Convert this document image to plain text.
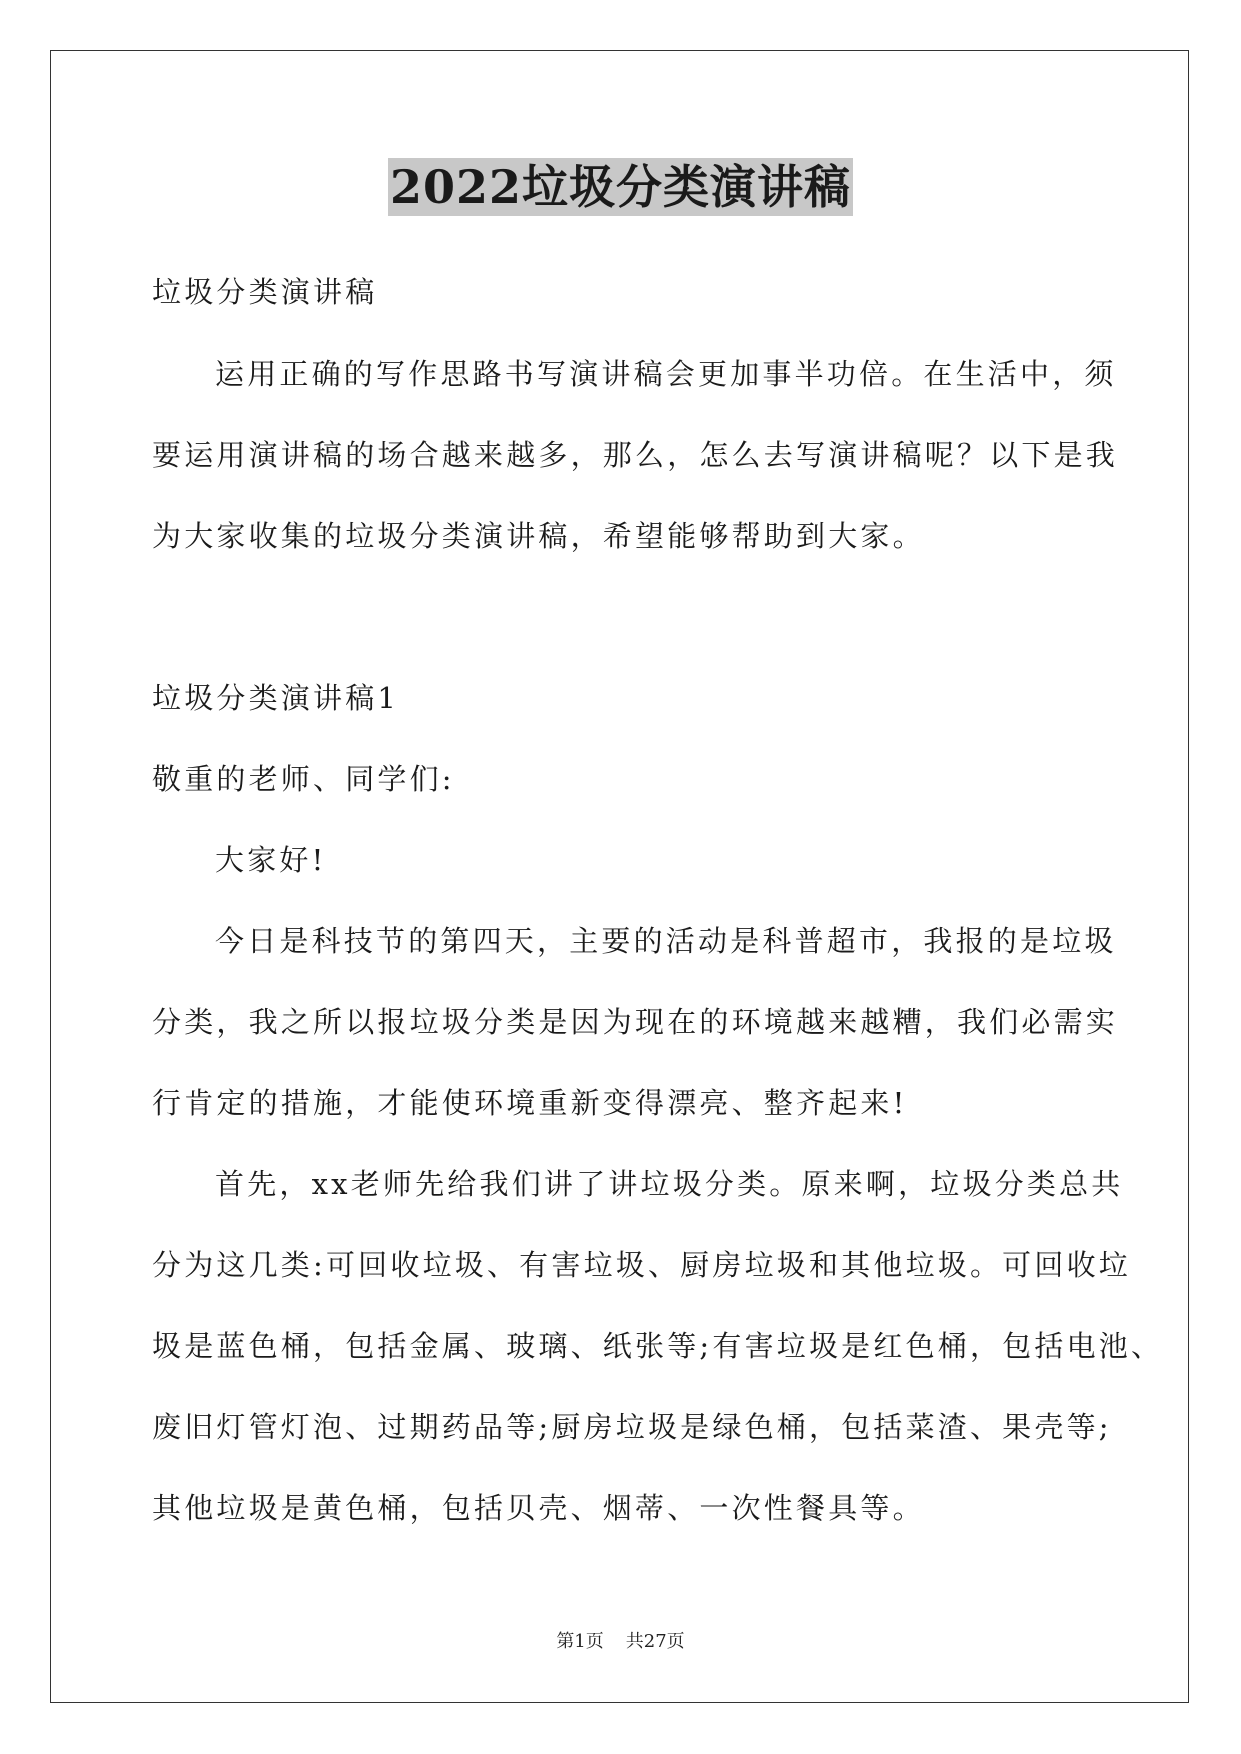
2022垃圾分类演讲稿
垃圾分类演讲稿
运用正确的写作思路书写演讲稿会更加事半功倍。在生活中，须
要运用演讲稿的场合越来越多，那么，怎么去写演讲稿呢？以下是我
为大家收集的垃圾分类演讲稿，希望能够帮助到大家。
垃圾分类演讲稿1
敬重的老师、同学们:
大家好!
今日是科技节的第四天，主要的活动是科普超市，我报的是垃圾
分类，我之所以报垃圾分类是因为现在的环境越来越糟，我们必需实
行肯定的措施，才能使环境重新变得漂亮、整齐起来!
首先，xx老师先给我们讲了讲垃圾分类。原来啊，垃圾分类总共
分为这几类:可回收垃圾、有害垃圾、厨房垃圾和其他垃圾。可回收垃
圾是蓝色桶，包括金属、玻璃、纸张等;有害垃圾是红色桶，包括电池、
废旧灯管灯泡、过期药品等;厨房垃圾是绿色桶，包括菜渣、果壳等;
其他垃圾是黄色桶，包括贝壳、烟蒂、一次性餐具等。
第1页 共27页
